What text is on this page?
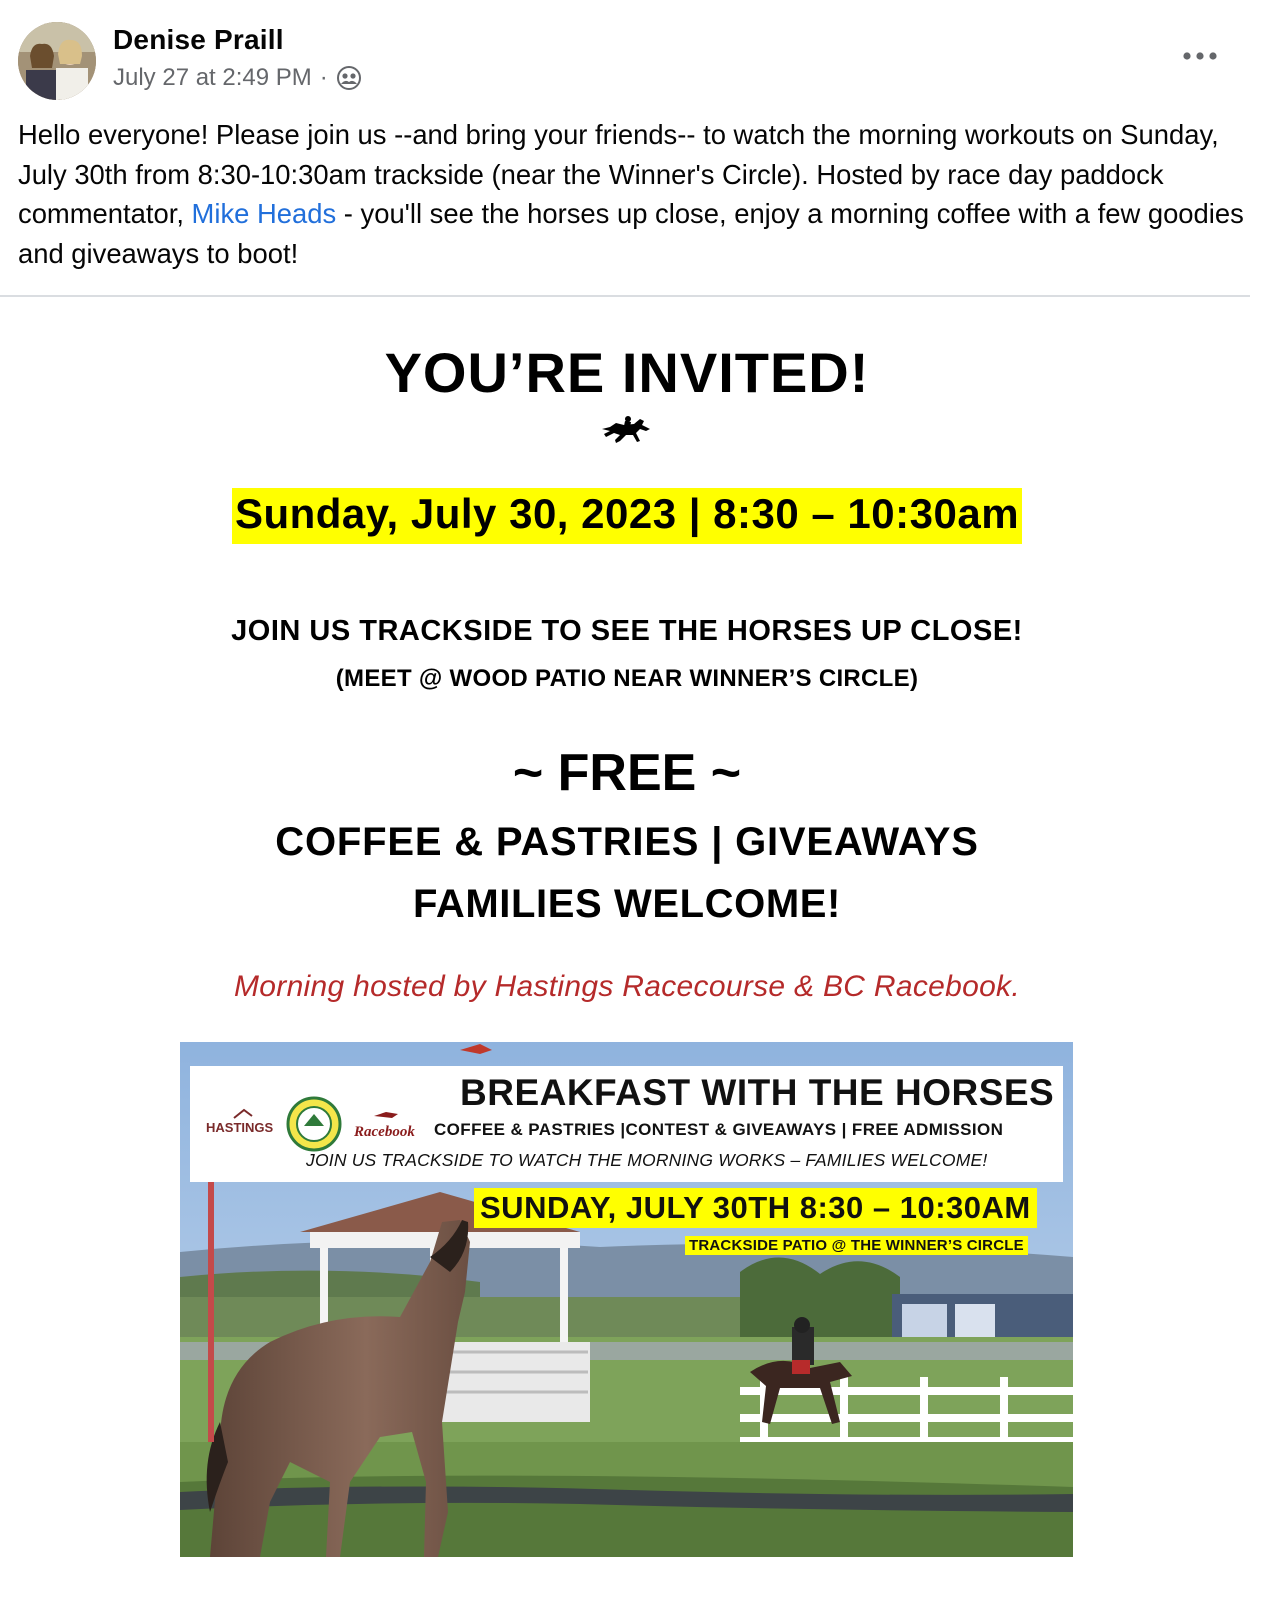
Denise Praill
July 27 at 2:49 PM ·
Hello everyone! Please join us --and bring your friends-- to watch the morning workouts on Sunday, July 30th from 8:30-10:30am trackside (near the Winner's Circle). Hosted by race day paddock commentator, Mike Heads - you'll see the horses up close, enjoy a morning coffee with a few goodies and giveaways to boot!
YOU’RE INVITED!
Sunday, July 30, 2023 | 8:30 – 10:30am
JOIN US TRACKSIDE TO SEE THE HORSES UP CLOSE!
(MEET @ WOOD PATIO NEAR WINNER’S CIRCLE)
~ FREE ~
COFFEE & PASTRIES | GIVEAWAYS
FAMILIES WELCOME!
Morning hosted by Hastings Racecourse & BC Racebook.
HASTINGS	Racebook
BREAKFAST WITH THE HORSES
COFFEE & PASTRIES |CONTEST & GIVEAWAYS | FREE ADMISSION
JOIN US TRACKSIDE TO WATCH THE MORNING WORKS – FAMILIES WELCOME!
SUNDAY, JULY 30TH 8:30 – 10:30AM
TRACKSIDE PATIO @ THE WINNER’S CIRCLE
